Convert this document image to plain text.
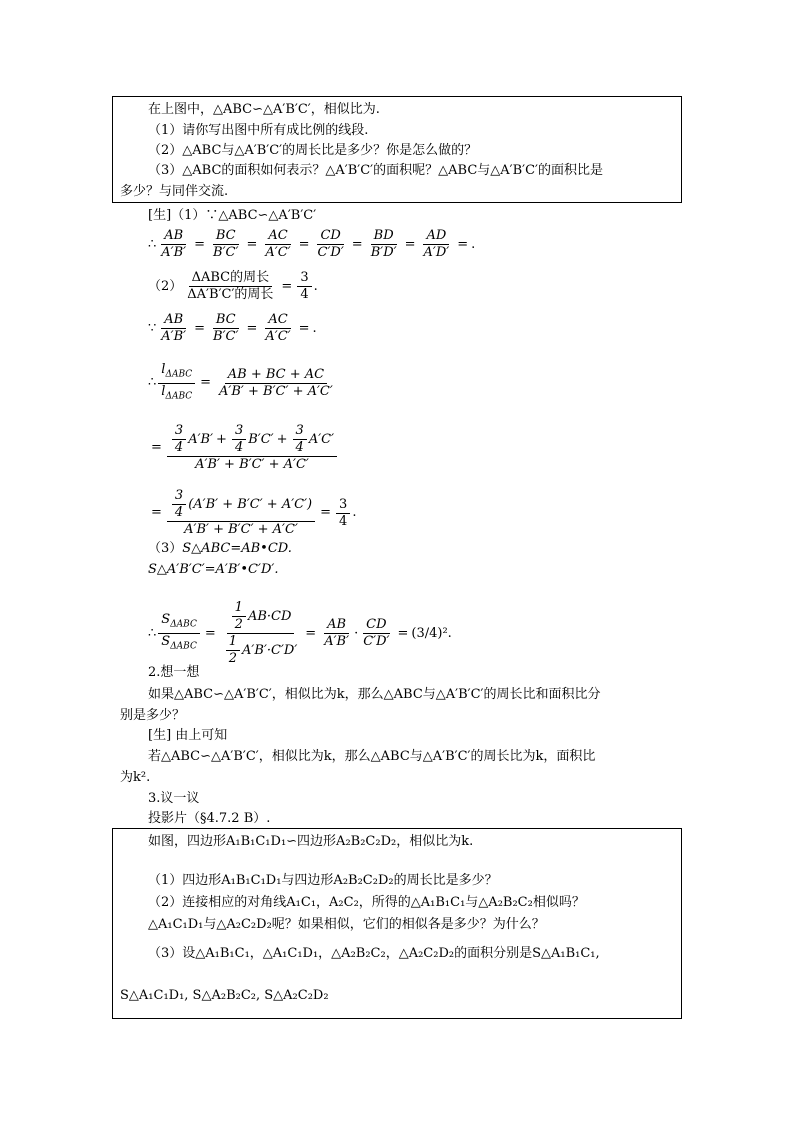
在上图中，△ABC∽△A′B′C′，相似比为.
（1）请你写出图中所有成比例的线段.
（2）△ABC与△A′B′C′的周长比是多少？你是怎么做的？
（3）△ABC的面积如何表示？△A′B′C′的面积呢？△ABC与△A′B′C′的面积比是
多少？与同伴交流.
[生]（1）∵△ABC∽△A′B′C′
∴ $\frac{AB}{A'B'} = \frac{BC}{B'C'} = \frac{AC}{A'C'} = \frac{CD}{C'D'} = \frac{BD}{B'D'} = \frac{AD}{A'D'}$ = .
$(2) \frac{\text{ΔABC的周长}}{\text{ΔA′B′C′的周长}} = \frac{3}{4}$ .
∵ $\frac{AB}{A'B'} = \frac{BC}{B'C'} = \frac{AC}{A'C'}$ = .
∴ $\frac{l_{\Delta ABC}}{l_{\Delta ABC}} = \frac{AB + BC + AC}{A'B' + B'C' + A'C'}$
= $\frac{\frac{3}{4} A'B' + \frac{3}{4} B'C' + \frac{3}{4} A'C'}{A'B' + B'C' + A'C'}$
= $\frac{\frac{3}{4} (A'B' + B'C' + A'C')}{A'B' + B'C' + A'C'} = \frac{3}{4}$ .
（3）S△ABC=AB•CD.
S△A′B′C′=A′B′•C′D′.
∴ $\frac{S_{\Delta ABC}}{S_{\Delta ABC}} = \frac{\frac{1}{2} AB\cdot CD}{\frac{1}{2} A'B'\cdot C'D'} = \frac{AB}{A'B'} \cdot \frac{CD}{C'D'} = (3/4)^2$ .
2.想一想
如果△ABC∽△A′B′C′，相似比为k，那么△ABC与△A′B′C′的周长比和面积比分
别是多少？
[生] 由上可知
若△ABC∽△A′B′C′，相似比为k，那么△ABC与△A′B′C′的周长比为k，面积比
为k².
3.议一议
投影片（§4.7.2 B）.
如图，四边形A₁B₁C₁D₁∽四边形A₂B₂C₂D₂，相似比为k.
（1）四边形A₁B₁C₁D₁与四边形A₂B₂C₂D₂的周长比是多少？
（2）连接相应的对角线A₁C₁，A₂C₂，所得的△A₁B₁C₁与△A₂B₂C₂相似吗？
△A₁C₁D₁与△A₂C₂D₂呢？如果相似，它们的相似各是多少？为什么？
（3）设△A₁B₁C₁，△A₁C₁D₁，△A₂B₂C₂，△A₂C₂D₂的面积分别是S△A₁B₁C₁,
S△A₁C₁D₁, S△A₂B₂C₂, S△A₂C₂D₂
